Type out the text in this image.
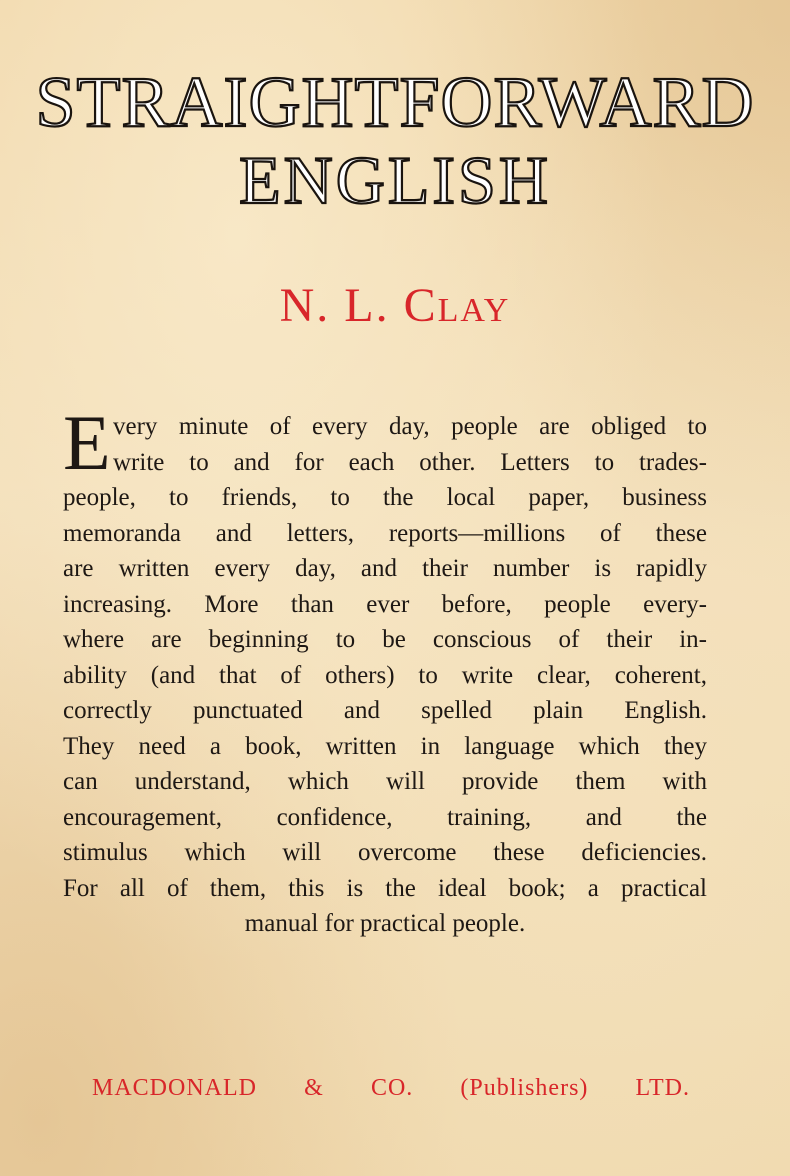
STRAIGHTFORWARD
ENGLISH
N. L. Clay
E very minute of every day, people are obliged to
write to and for each other. Letters to trades-
people, to friends, to the local paper, business
memoranda and letters, reports—millions of these
are written every day, and their number is rapidly
increasing. More than ever before, people every-
where are beginning to be conscious of their in-
ability (and that of others) to write clear, coherent,
correctly punctuated and spelled plain English.
They need a book, written in language which they
can understand, which will provide them with
encouragement, confidence, training, and the
stimulus which will overcome these deficiencies.
For all of them, this is the ideal book; a practical
manual for practical people.
MACDONALD & CO. (Publishers) LTD.
